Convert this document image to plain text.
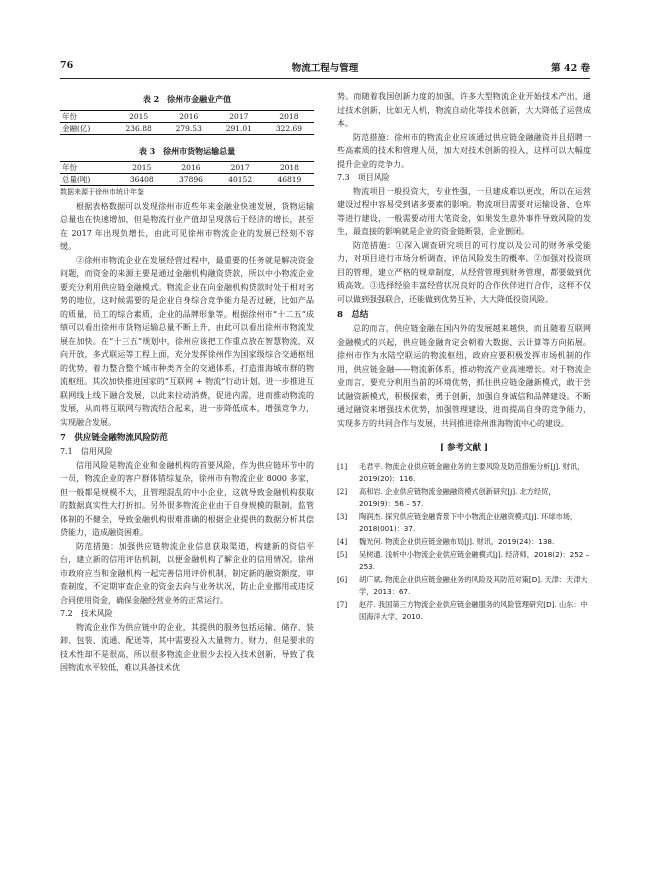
76	物流工程与管理	第 42 卷
表 2　徐州市金融业产值
年份	2015	2016	2017	2018
金融(亿)	236.88	279.53	291.01	322.69
表 3　徐州市货物运输总量
年份	2015	2016	2017	2018
总量(吨)	36408	37896	40152	46819

数据来源于徐州市统计年鉴

根据表格数据可以发现徐州市近些年来金融业快速发展，货物运输总量也在快速增加，但是物流行业产值却呈现落后于经济的增长，甚至在 2017 年出现负增长，由此可见徐州市物流企业的发展已经刻不容缓。

②徐州市物流企业在发展经营过程中，最重要的任务就是解决资金问题，而资金的来源主要是通过金融机构融资贷款，所以中小物流企业要充分利用供应链金融模式。物流企业在向金融机构贷款时处于相对劣势的地位，这时候需要的是企业自身综合竞争能力是否过硬，比如产品的质量，员工的综合素质，企业的品牌形象等。根据徐州市“十二五”成绩可以看出徐州市货物运输总量不断上升，由此可以看出徐州市物流发展在加快。在“十三五”规划中，徐州应该把工作重点放在智慧物流，双向开放，多式联运等工程上面，充分发挥徐州作为国家级综合交通枢纽的优势，着力整合整个城市种类齐全的交通体系，打造淮海城市群的物流枢纽。其次加快推进国家的“互联网 + 物流”行动计划，进一步推进互联网线上线下融合发展，以此来拉动消费，促进内需，进而推动物流的发展，从而将互联网与物流结合起来，进一步降低成本，增强竞争力，实现融合发展。

7　供应链金融物流风险防范
7.1　信用风险

信用风险是物流企业和金融机构的首要风险，作为供应链环节中的一员，物流企业的客户群体错综复杂，徐州市有物流企业 8000 多家，但一般都是规模不大，且管理混乱的中小企业，这就导致金融机构获取的数据真实性大打折扣。另外很多物流企业由于自身规模的限制，监管体制的不健全，导致金融机构很难准确的根据企业提供的数据分析其偿贷能力，造成融资困难。

防范措施：加强供应链物流企业信息获取渠道，构建新的资信平台，建立新的信用评估机制，以便金融机构了解企业的信用情况。徐州市政府应当和金融机构一起完善信用评价机制，制定新的融资额度，审查制度，不定期审查企业的资金去向与业务状况，防止企业挪用或违反合同使用资金，确保金融经营业务的正常运行。

7.2　技术风险

物流企业作为供应链中的企业，其提供的服务包括运输、储存、装卸、包装、流通、配送等，其中需要投入大量物力、财力，但是要求的技术性却不是很高，所以很多物流企业很少去投入技术创新，导致了我国物流水平较低，难以具备技术优

势。而随着我国创新力度的加强，许多大型物流企业开始技术产出，通过技术创新，比如无人机，物流自动化等技术创新，大大降低了运营成本。

防范措施：徐州市的物流企业应该通过供应链金融融资并且招聘一些高素质的技术和管理人员，加大对技术创新的投入，这样可以大幅度提升企业的竞争力。

7.3　项目风险

物流项目一般投资大，专业性强，一旦建成难以更改，所以在运营建设过程中容易受到诸多要素的影响。物流项目需要对运输设备、仓库等进行建设，一般需要动用大笔资金，如果发生意外事件导致风险的发生，最直接的影响就是企业的资金链断裂，企业倒闭。

防范措施：①深入调查研究项目的可行度以及公司的财务承受能力，对项目进行市场分析调查，评估风险发生的概率。②加强对投资项目的管理，建立严格的规章制度，从经营管理到财务管理，都要做到优质高效。③选择经验丰富经营状况良好的合作伙伴进行合作，这样不仅可以做到强强联合，还能做到优势互补，大大降低投资风险。

8　总结

总的而言，供应链金融在国内外的发展越来越快，而且随着互联网金融模式的兴起，供应链金融肯定会朝着大数据、云计算等方向拓展。徐州市作为水陆空联运的物流枢纽，政府应要积极发挥市场机制的作用，供应链金融——物流新体系，推动物流产业高速增长。对于物流企业而言，要充分利用当前的环境优势，抓住供应链金融新模式，敢于尝试融资新模式，积极探索，勇于创新，加强自身诚信和品牌建设。不断通过融资来增强技术优势，加强管理建设，进而提高自身的竞争能力，实现多方的共同合作与发展，共同推进徐州淮海物流中心的建设。

[ 参考文献 ]
[1]	毛君平. 物流企业供应链金融业务的主要风险及防范措施分析[J]. 财讯，2019(20)：116.
[2]	高和岩. 企业供应链物流金融融资模式创新研究[J]. 北方经贸，2019(9)：56 – 57.
[3]	陶润杰. 探究供应链金融背景下中小物流企业融资模式[J]. 环球市场，2018(001)：37.
[4]	魏光何. 物流企业供应链金融布局[J]. 财讯，2019(24)：138.
[5]	吴树通. 浅析中小物流企业供应链金融模式[J]. 经济师，2018(2)：252 – 253.
[6]	胡广斌. 物流企业供应链金融业务的风险及其防范对策[D]. 天津：天津大学，2013：67.
[7]	赵芹. 我国第三方物流企业供应链金融服务的风险管理研究[D]. 山东：中国海洋大学，2010.
